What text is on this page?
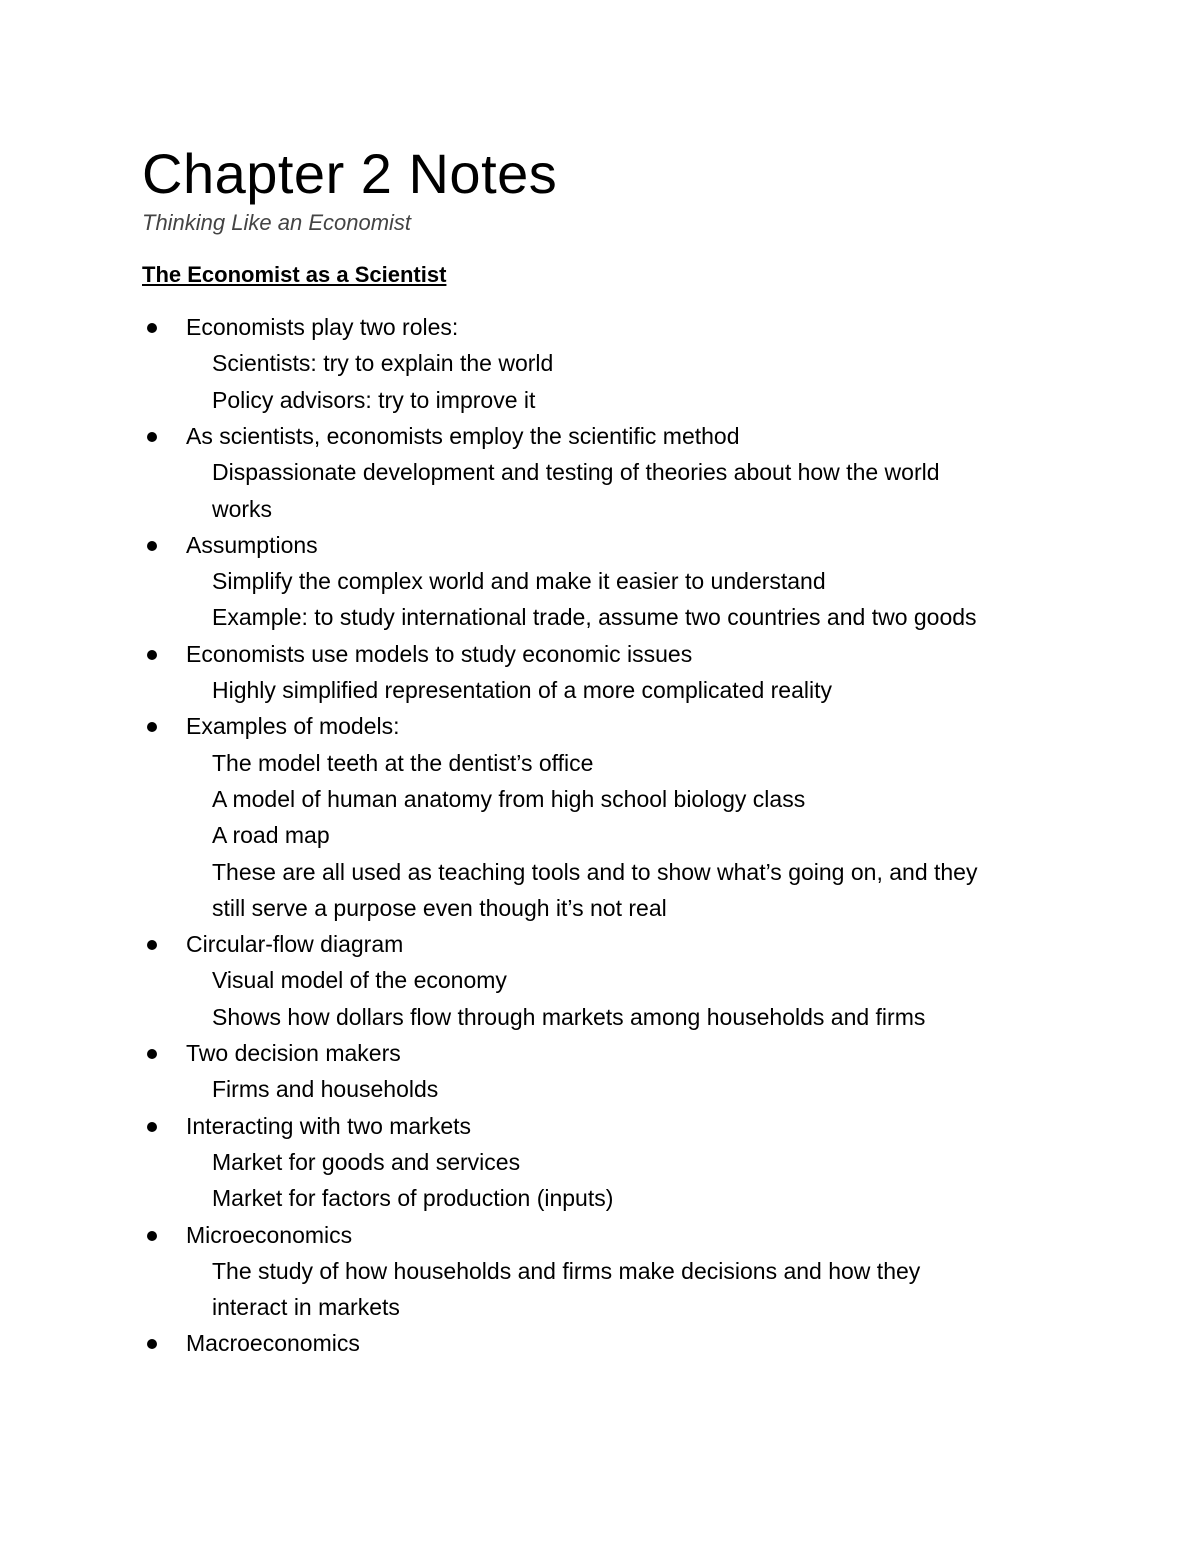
Chapter 2 Notes
Thinking Like an Economist
The Economist as a Scientist
Economists play two roles:
Scientists: try to explain the world
Policy advisors: try to improve it
As scientists, economists employ the scientific method
Dispassionate development and testing of theories about how the world
works
Assumptions
Simplify the complex world and make it easier to understand
Example: to study international trade, assume two countries and two goods
Economists use models to study economic issues
Highly simplified representation of a more complicated reality
Examples of models:
The model teeth at the dentist’s office
A model of human anatomy from high school biology class
A road map
These are all used as teaching tools and to show what’s going on, and they
still serve a purpose even though it’s not real
Circular-flow diagram
Visual model of the economy
Shows how dollars flow through markets among households and firms
Two decision makers
Firms and households
Interacting with two markets
Market for goods and services
Market for factors of production (inputs)
Microeconomics
The study of how households and firms make decisions and how they
interact in markets
Macroeconomics
